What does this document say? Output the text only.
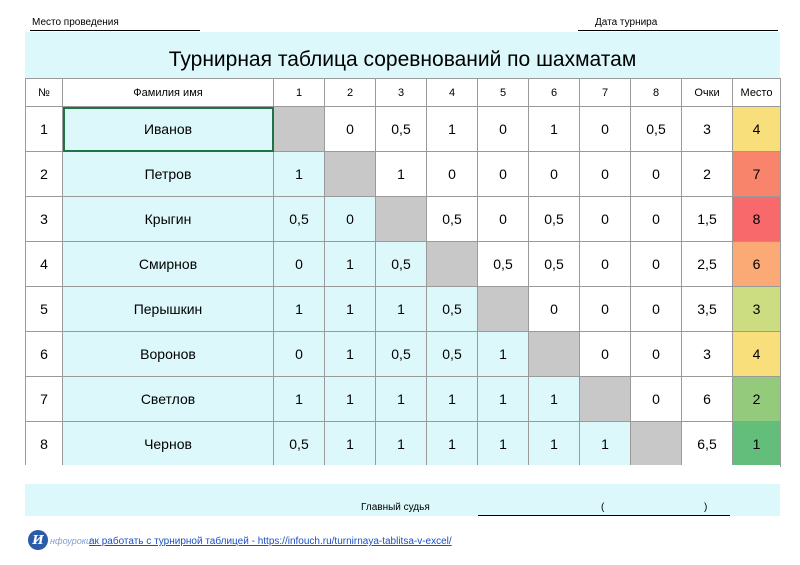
Место проведения	Дата турнира
Турнирная таблица соревнований по шахматам
№	Фамилия имя	1	2	3	4	5	6	7	8	Очки	Место
1	Иванов		0	0,5	1	0	1	0	0,5	3	4
2	Петров	1		1	0	0	0	0	0	2	7
3	Крыгин	0,5	0		0,5	0	0,5	0	0	1,5	8
4	Смирнов	0	1	0,5		0,5	0,5	0	0	2,5	6
5	Перышкин	1	1	1	0,5		0	0	0	3,5	3
6	Воронов	0	1	0,5	0,5	1		0	0	3	4
7	Светлов	1	1	1	1	1	1		0	6	2
8	Чернов	0,5	1	1	1	1	1	1		6,5	1
Главный судья	(	)
И нфоуроки
ак работать с турнирной таблицей - https://infouch.ru/turnirnaya-tablitsa-v-excel/
